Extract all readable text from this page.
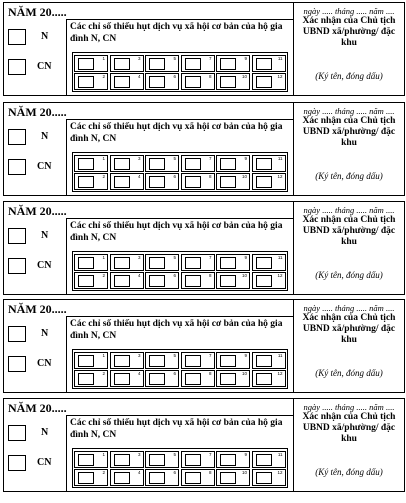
NĂM 20.....
N
CN
Các chỉ số thiếu hụt dịch vụ xã hội cơ bản của hộ gia đình N, CN
1	3	5	7	9	11
2	4	6	8	10	12
ngày ..... tháng ..... năm ....
Xác nhận của Chủ tịch UBND xã/phường/ đặc khu
(Ký tên, đóng dấu)
NĂM 20.....
N
CN
Các chỉ số thiếu hụt dịch vụ xã hội cơ bản của hộ gia đình N, CN
1	3	5	7	9	11
2	4	6	8	10	12
ngày ..... tháng ..... năm ....
Xác nhận của Chủ tịch UBND xã/phường/ đặc khu
(Ký tên, đóng dấu)
NĂM 20.....
N
CN
Các chỉ số thiếu hụt dịch vụ xã hội cơ bản của hộ gia đình N, CN
1	3	5	7	9	11
2	4	6	8	10	12
ngày ..... tháng ..... năm ....
Xác nhận của Chủ tịch UBND xã/phường/ đặc khu
(Ký tên, đóng dấu)
NĂM 20.....
N
CN
Các chỉ số thiếu hụt dịch vụ xã hội cơ bản của hộ gia đình N, CN
1	3	5	7	9	11
2	4	6	8	10	12
ngày ..... tháng ..... năm ....
Xác nhận của Chủ tịch UBND xã/phường/ đặc khu
(Ký tên, đóng dấu)
NĂM 20.....
N
CN
Các chỉ số thiếu hụt dịch vụ xã hội cơ bản của hộ gia đình N, CN
1	3	5	7	9	11
2	4	6	8	10	12
ngày ..... tháng ..... năm ....
Xác nhận của Chủ tịch UBND xã/phường/ đặc khu
(Ký tên, đóng dấu)
